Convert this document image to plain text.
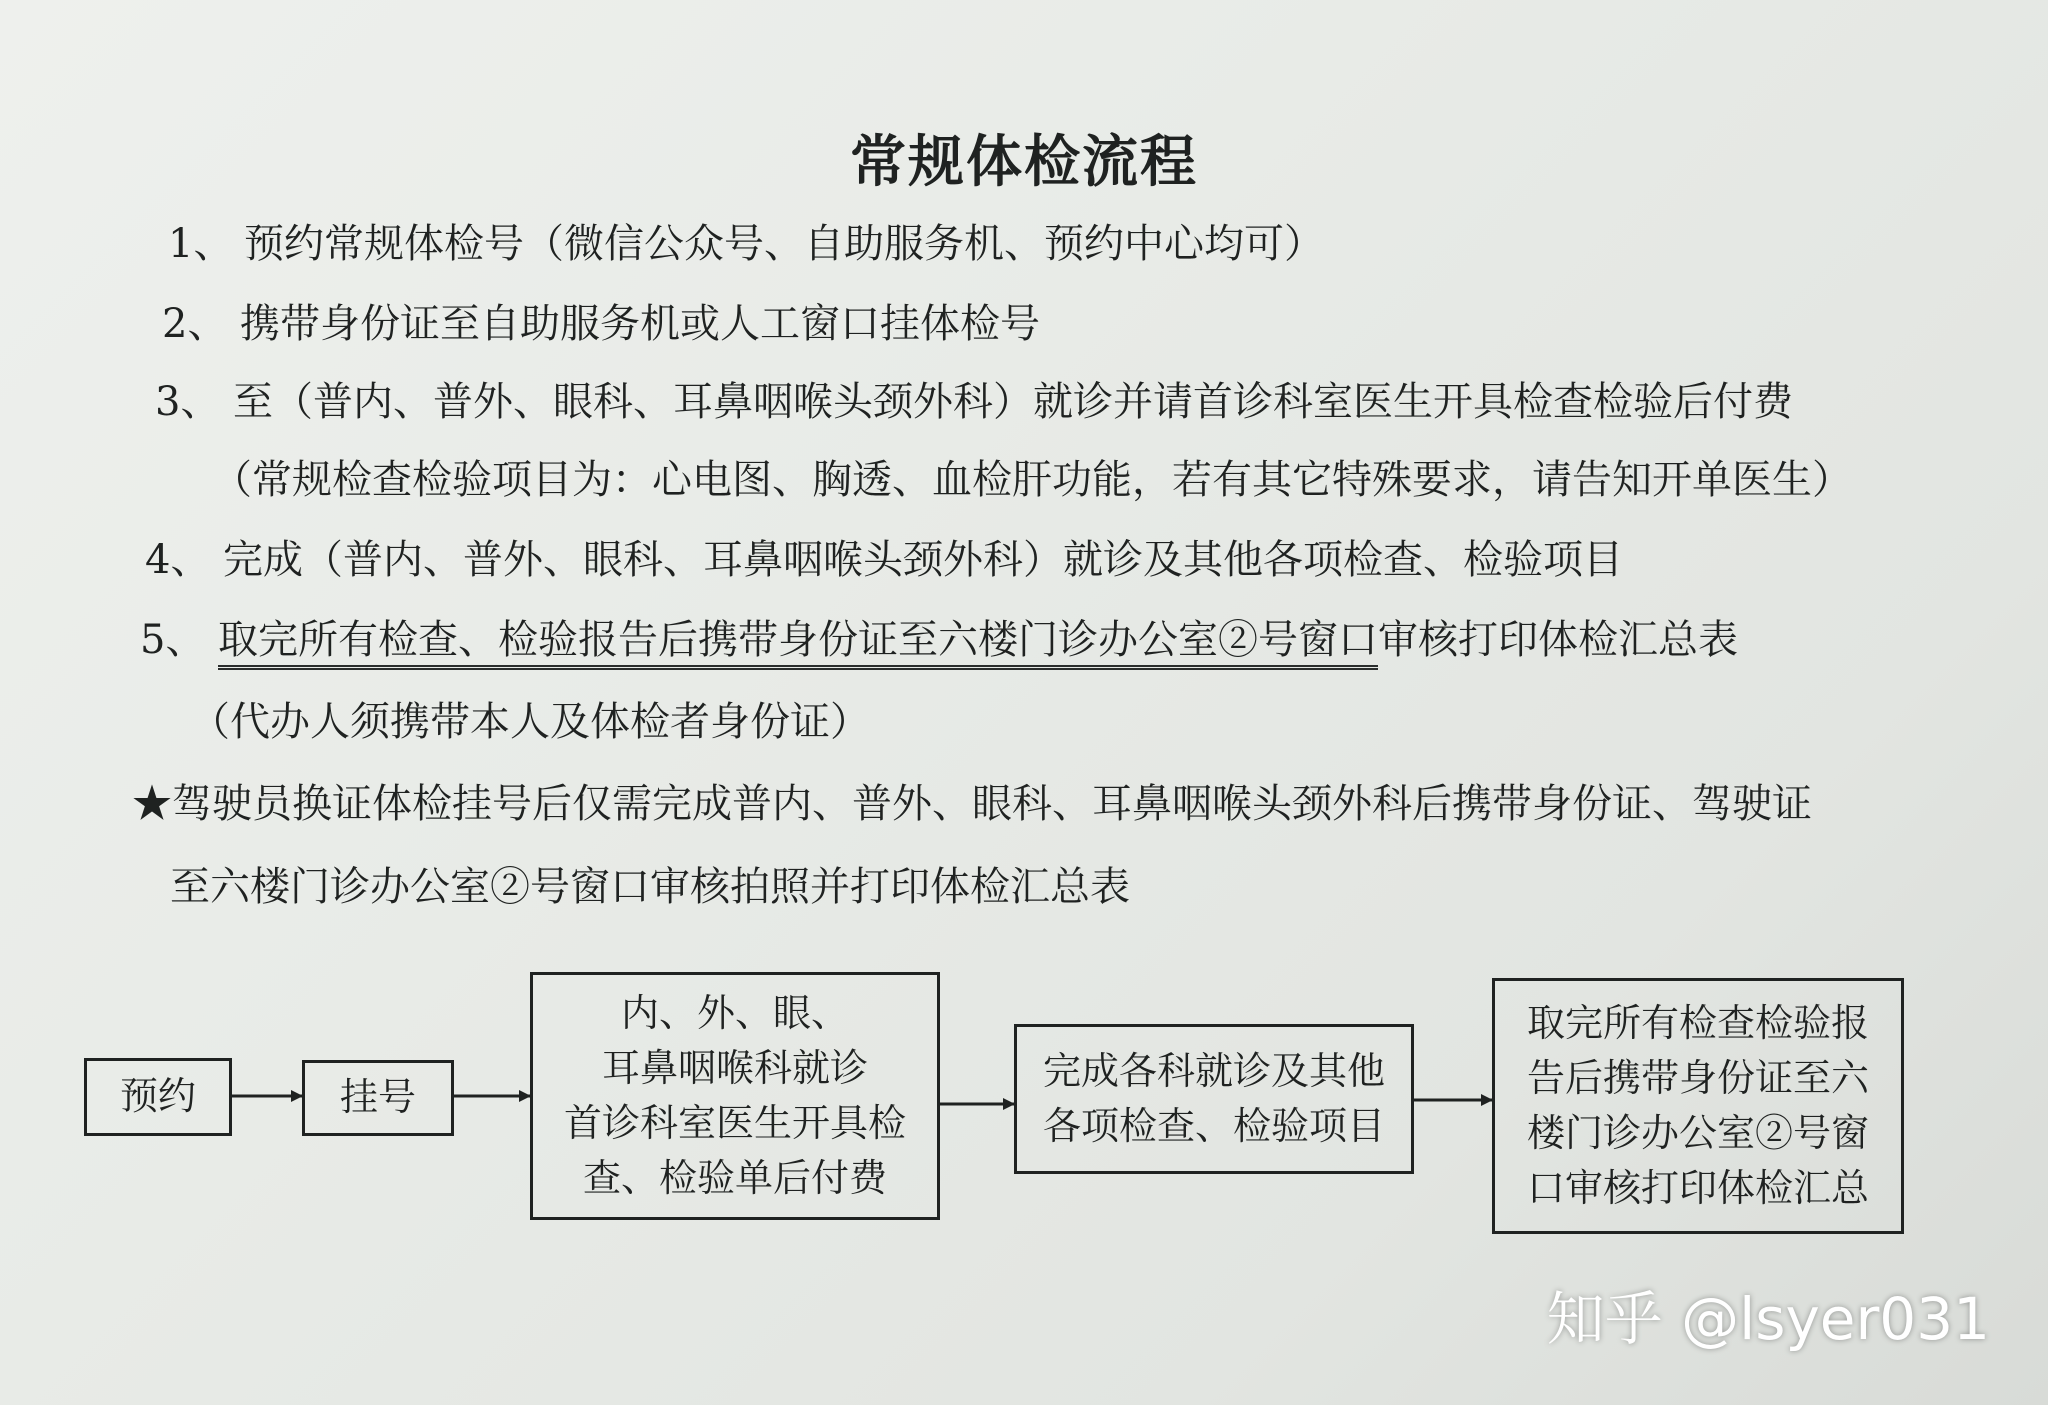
常规体检流程
1、 预约常规体检号（微信公众号、自助服务机、预约中心均可）
2、 携带身份证至自助服务机或人工窗口挂体检号
3、 至（普内、普外、眼科、耳鼻咽喉头颈外科）就诊并请首诊科室医生开具检查检验后付费
（常规检查检验项目为：心电图、胸透、血检肝功能，若有其它特殊要求，请告知开单医生）
4、 完成（普内、普外、眼科、耳鼻咽喉头颈外科）就诊及其他各项检查、检验项目
5、 取完所有检查、检验报告后携带身份证至六楼门诊办公室②号窗口审核打印体检汇总表
（代办人须携带本人及体检者身份证）
★驾驶员换证体检挂号后仅需完成普内、普外、眼科、耳鼻咽喉头颈外科后携带身份证、驾驶证
至六楼门诊办公室②号窗口审核拍照并打印体检汇总表
预约	挂号
内、外、眼、
耳鼻咽喉科就诊
首诊科室医生开具检
查、检验单后付费
完成各科就诊及其他
各项检查、检验项目
取完所有检查检验报
告后携带身份证至六
楼门诊办公室②号窗
口审核打印体检汇总
知乎 @lsyer031
